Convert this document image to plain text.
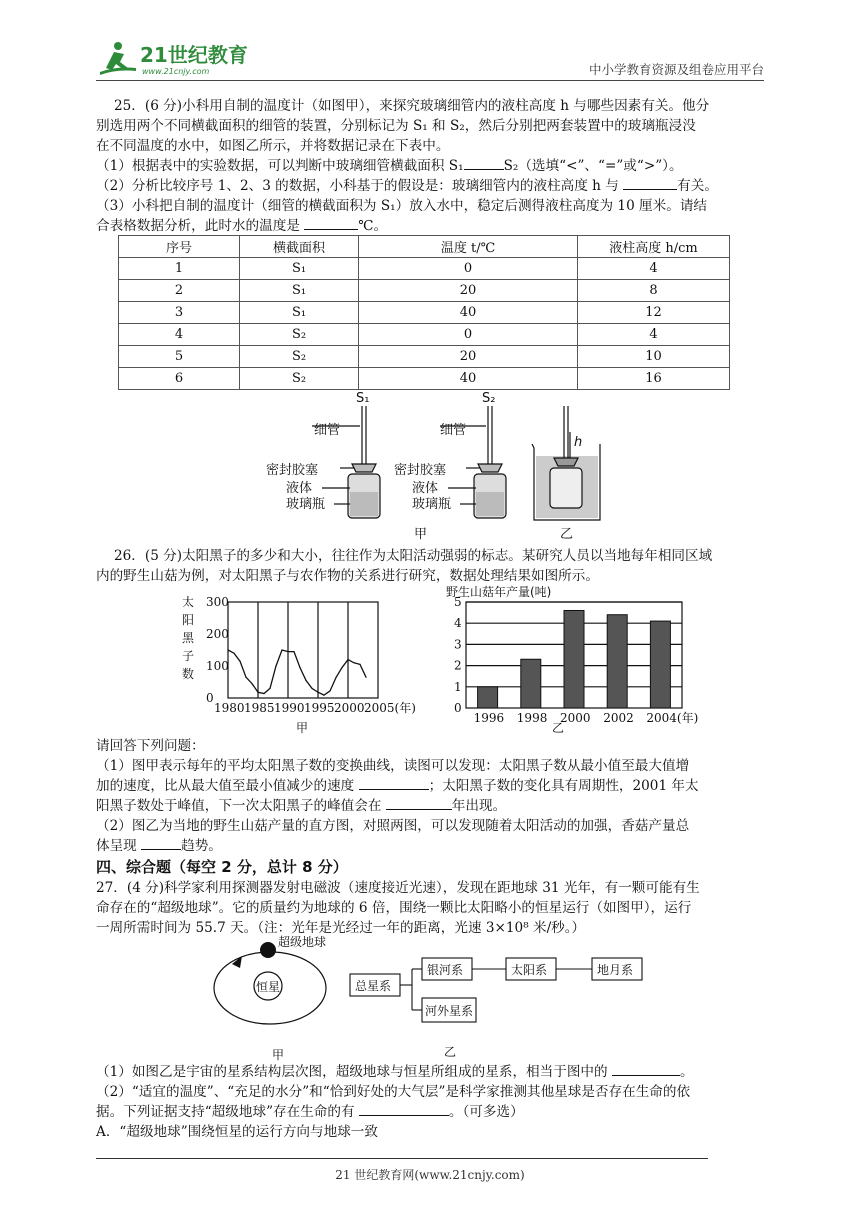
21世纪教育
www.21cnjy.com	中小学教育资源及组卷应用平台
25．(6 分)小科用自制的温度计（如图甲），来探究玻璃细管内的液柱高度 h 与哪些因素有关。他分
别选用两个不同横截面积的细管的装置，分别标记为 S₁ 和 S₂，然后分别把两套装置中的玻璃瓶浸没
在不同温度的水中，如图乙所示，并将数据记录在下表中。
（1）根据表中的实验数据，可以判断中玻璃细管横截面积 S₁	S₂（选填“<”、“=”或“>”）。
（2）分析比较序号 1、2、3 的数据，小科基于的假设是：玻璃细管内的液柱高度 h 与	有关。
（3）小科把自制的温度计（细管的横截面积为 S₁）放入水中，稳定后测得液柱高度为 10 厘米。请结
合表格数据分析，此时水的温度是	℃。
序号	横截面积	温度 t/℃	液柱高度 h/cm
1	S₁	0	4
2	S₁	20	8
3	S₁	40	12
4	S₂	0	4
5	S₂	20	10
6	S₂	40	16
S₁	S₂
细管
密封胶塞
液体
玻璃瓶
细管
密封胶塞
液体
玻璃瓶
h
甲	乙
26．(5 分)太阳黑子的多少和大小，往往作为太阳活动强弱的标志。某研究人员以当地每年相同区域
内的野生山菇为例，对太阳黑子与农作物的关系进行研究，数据处理结果如图所示。
太
阳
黑
子
数
0
100
200
300
1980 1985 1990 1995 2000 2005(年)
甲
野生山菇年产量(吨)
0
1
2
3
4
5
1996 1998 2000 2002 2004(年)
乙
请回答下列问题：
（1）图甲表示每年的平均太阳黑子数的变换曲线，读图可以发现：太阳黑子数从最小值至最大值增
加的速度，比从最大值至最小值减少的速度	；太阳黑子数的变化具有周期性，2001 年太
阳黑子数处于峰值，下一次太阳黑子的峰值会在	年出现。
（2）图乙为当地的野生山菇产量的直方图，对照两图，可以发现随着太阳活动的加强，香菇产量总
体呈现	趋势。
四、综合题（每空 2 分，总计 8 分）
27．(4 分)科学家利用探测器发射电磁波（速度接近光速），发现在距地球 31 光年，有一颗可能有生
命存在的“超级地球”。它的质量约为地球的 6 倍，围绕一颗比太阳略小的恒星运行（如图甲），运行
一周所需时间为 55.7 天。（注：光年是光经过一年的距离，光速 3×10⁸ 米/秒。）
超级地球
恒星
甲
总星系
银河系	太阳系	地月系
河外星系
乙
（1）如图乙是宇宙的星系结构层次图，超级地球与恒星所组成的星系，相当于图中的	。
（2）“适宜的温度”、“充足的水分”和“恰到好处的大气层”是科学家推测其他星球是否存在生命的依
据。下列证据支持“超级地球”存在生命的有	。（可多选）
A．“超级地球”围绕恒星的运行方向与地球一致
21 世纪教育网(www.21cnjy.com)
